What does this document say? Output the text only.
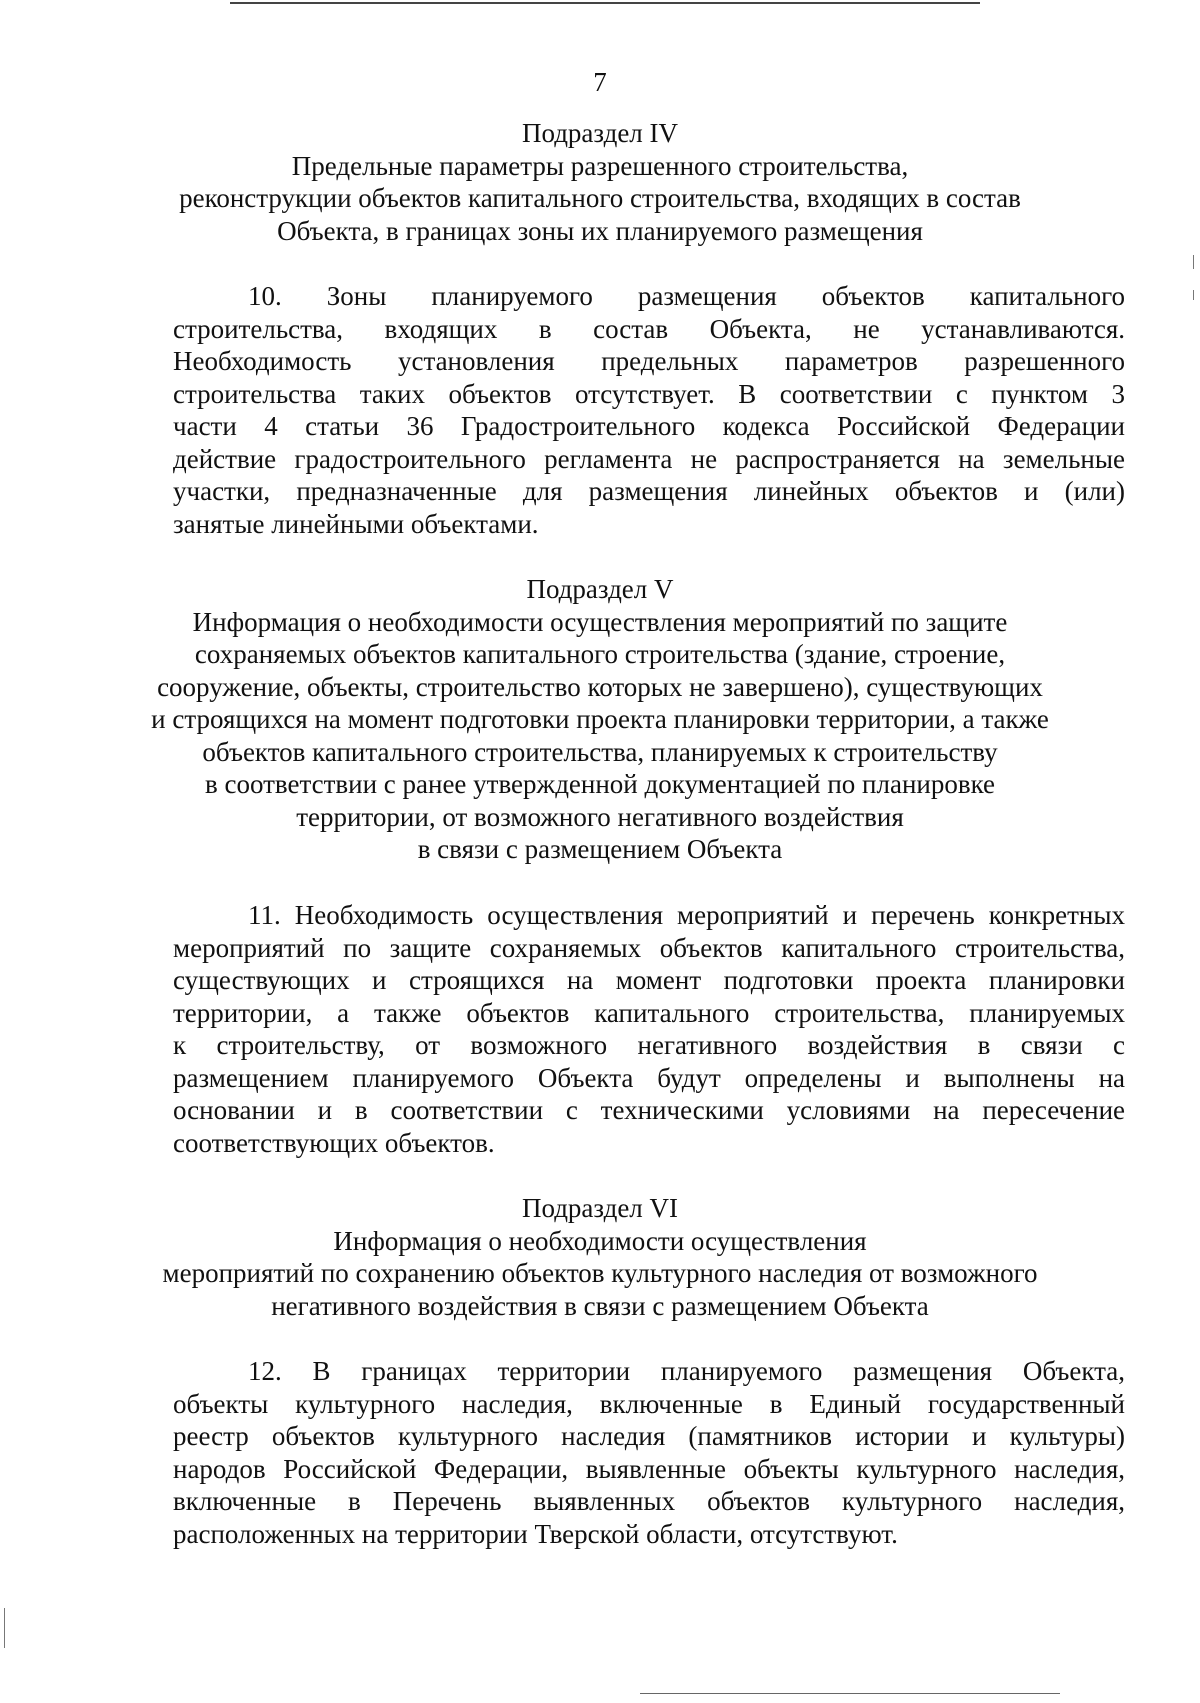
7
Подраздел IV
Предельные параметры разрешенного строительства,
реконструкции объектов капитального строительства, входящих в состав
Объекта, в границах зоны их планируемого размещения
10. Зоны планируемого размещения объектов капитального
строительства, входящих в состав Объекта, не устанавливаются.
Необходимость установления предельных параметров разрешенного
строительства таких объектов отсутствует. В соответствии с пунктом 3
части 4 статьи 36 Градостроительного кодекса Российской Федерации
действие градостроительного регламента не распространяется на земельные
участки, предназначенные для размещения линейных объектов и (или)
занятые линейными объектами.
Подраздел V
Информация о необходимости осуществления мероприятий по защите
сохраняемых объектов капитального строительства (здание, строение,
сооружение, объекты, строительство которых не завершено), существующих
и строящихся на момент подготовки проекта планировки территории, а также
объектов капитального строительства, планируемых к строительству
в соответствии с ранее утвержденной документацией по планировке
территории, от возможного негативного воздействия
в связи с размещением Объекта
11. Необходимость осуществления мероприятий и перечень конкретных
мероприятий по защите сохраняемых объектов капитального строительства,
существующих и строящихся на момент подготовки проекта планировки
территории, а также объектов капитального строительства, планируемых
к строительству, от возможного негативного воздействия в связи с
размещением планируемого Объекта будут определены и выполнены на
основании и в соответствии с техническими условиями на пересечение
соответствующих объектов.
Подраздел VI
Информация о необходимости осуществления
мероприятий по сохранению объектов культурного наследия от возможного
негативного воздействия в связи с размещением Объекта
12. В границах территории планируемого размещения Объекта,
объекты культурного наследия, включенные в Единый государственный
реестр объектов культурного наследия (памятников истории и культуры)
народов Российской Федерации, выявленные объекты культурного наследия,
включенные в Перечень выявленных объектов культурного наследия,
расположенных на территории Тверской области, отсутствуют.
